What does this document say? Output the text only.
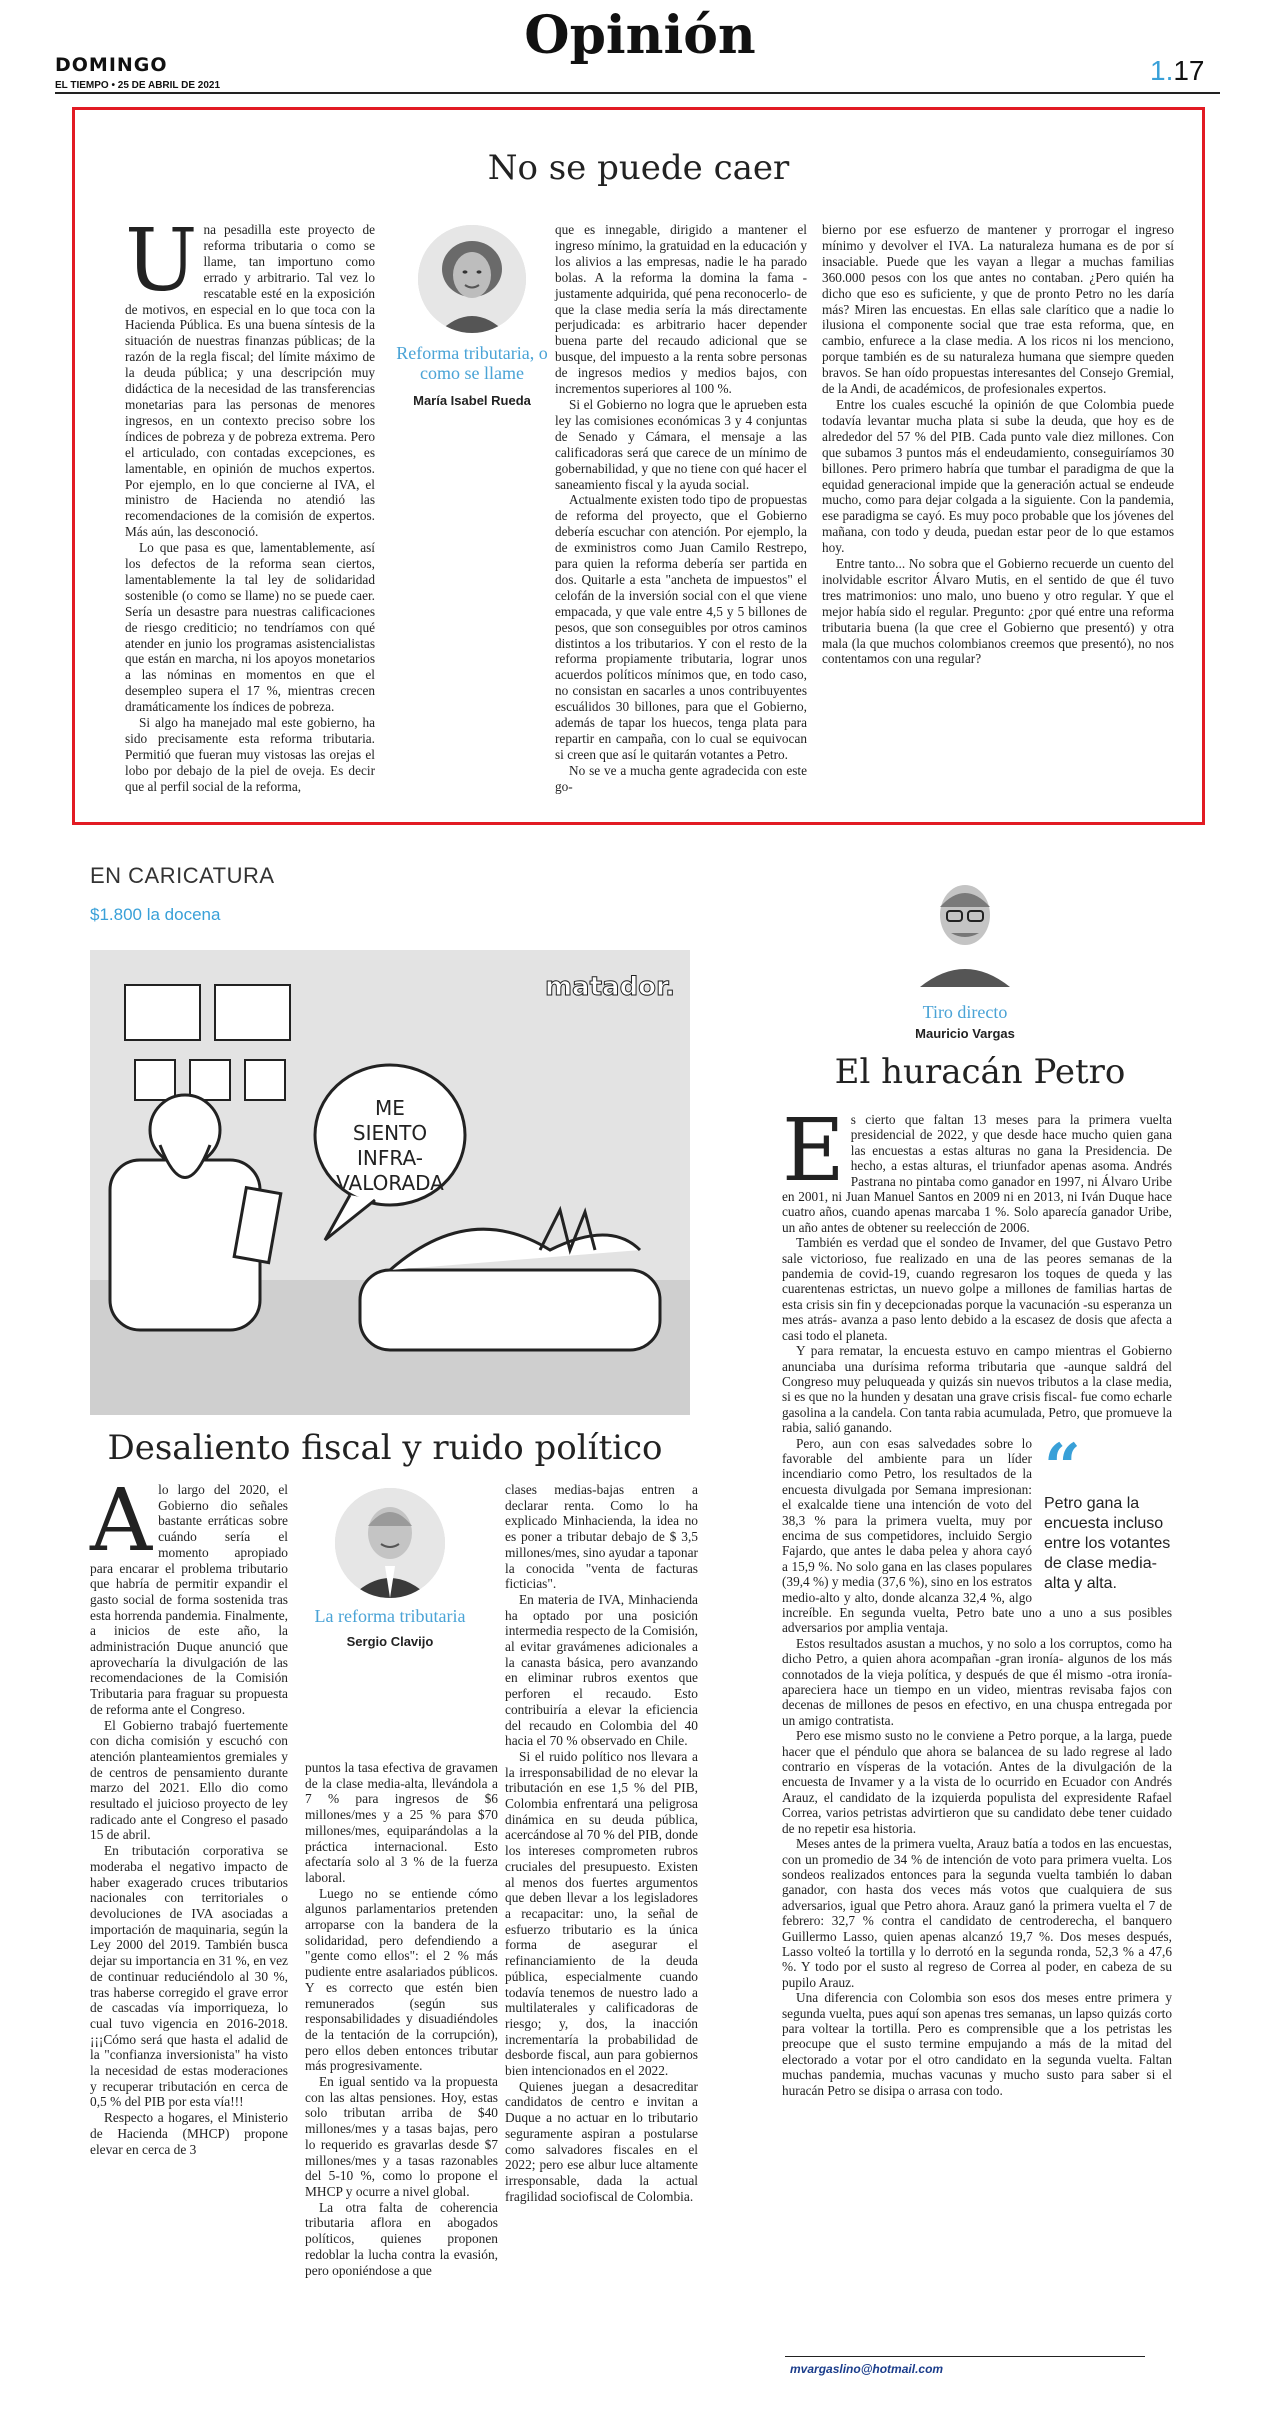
DOMINGO
EL TIEMPO • 25 DE ABRIL DE 2021
Opinión
1.17
No se puede caer
Reforma tributaria, o como se llame
María Isabel Rueda
U na pesadilla este proyecto de reforma tributaria o como se llame, tan importuno como errado y arbitrario. Tal vez lo rescatable esté en la exposición de motivos, en especial en lo que toca con la Hacienda Pública. Es una buena síntesis de la situación de nuestras finanzas públicas; de la razón de la regla fiscal; del límite máximo de la deuda pública; y una descripción muy didáctica de la necesidad de las transferencias monetarias para las personas de menores ingresos, en un contexto preciso sobre los índices de pobreza y de pobreza extrema. Pero el articulado, con contadas excepciones, es lamentable, en opinión de muchos expertos. Por ejemplo, en lo que concierne al IVA, el ministro de Hacienda no atendió las recomendaciones de la comisión de expertos. Más aún, las desconoció.

Lo que pasa es que, lamentablemente, así los defectos de la reforma sean ciertos, lamentablemente la tal ley de solidaridad sostenible (o como se llame) no se puede caer. Sería un desastre para nuestras calificaciones de riesgo crediticio; no tendríamos con qué atender en junio los programas asistencialistas que están en marcha, ni los apoyos monetarios a las nóminas en momentos en que el desempleo supera el 17 %, mientras crecen dramáticamente los índices de pobreza.

Si algo ha manejado mal este gobierno, ha sido precisamente esta reforma tributaria. Permitió que fueran muy vistosas las orejas el lobo por debajo de la piel de oveja. Es decir que al perfil social de la reforma,

que es innegable, dirigido a mantener el ingreso mínimo, la gratuidad en la educación y los alivios a las empresas, nadie le ha parado bolas. A la reforma la domina la fama -justamente adquirida, qué pena reconocerlo- de que la clase media sería la más directamente perjudicada: es arbitrario hacer depender buena parte del recaudo adicional que se busque, del impuesto a la renta sobre personas de ingresos medios y medios bajos, con incrementos superiores al 100 %.

Si el Gobierno no logra que le aprueben esta ley las comisiones económicas 3 y 4 conjuntas de Senado y Cámara, el mensaje a las calificadoras será que carece de un mínimo de gobernabilidad, y que no tiene con qué hacer el saneamiento fiscal y la ayuda social.

Actualmente existen todo tipo de propuestas de reforma del proyecto, que el Gobierno debería escuchar con atención. Por ejemplo, la de exministros como Juan Camilo Restrepo, para quien la reforma debería ser partida en dos. Quitarle a esta "ancheta de impuestos" el celofán de la inversión social con el que viene empacada, y que vale entre 4,5 y 5 billones de pesos, que son conseguibles por otros caminos distintos a los tributarios. Y con el resto de la reforma propiamente tributaria, lograr unos acuerdos políticos mínimos que, en todo caso, no consistan en sacarles a unos contribuyentes escuálidos 30 billones, para que el Gobierno, además de tapar los huecos, tenga plata para repartir en campaña, con lo cual se equivocan si creen que así le quitarán votantes a Petro.

No se ve a mucha gente agradecida con este go-

bierno por ese esfuerzo de mantener y prorrogar el ingreso mínimo y devolver el IVA. La naturaleza humana es de por sí insaciable. Puede que les vayan a llegar a muchas familias 360.000 pesos con los que antes no contaban. ¿Pero quién ha dicho que eso es suficiente, y que de pronto Petro no les daría más? Miren las encuestas. En ellas sale clarítico que a nadie lo ilusiona el componente social que trae esta reforma, que, en cambio, enfurece a la clase media. A los ricos ni los menciono, porque también es de su naturaleza humana que siempre queden bravos. Se han oído propuestas interesantes del Consejo Gremial, de la Andi, de académicos, de profesionales expertos.

Entre los cuales escuché la opinión de que Colombia puede todavía levantar mucha plata si sube la deuda, que hoy es de alrededor del 57 % del PIB. Cada punto vale diez millones. Con que subamos 3 puntos más el endeudamiento, conseguiríamos 30 billones. Pero primero habría que tumbar el paradigma de que la equidad generacional impide que la generación actual se endeude mucho, como para dejar colgada a la siguiente. Con la pandemia, ese paradigma se cayó. Es muy poco probable que los jóvenes del mañana, con todo y deuda, puedan estar peor de lo que estamos hoy.

Entre tanto... No sobra que el Gobierno recuerde un cuento del inolvidable escritor Álvaro Mutis, en el sentido de que él tuvo tres matrimonios: uno malo, uno bueno y otro regular. Y que el mejor había sido el regular. Pregunto: ¿por qué entre una reforma tributaria buena (la que cree el Gobierno que presentó) y otra mala (la que muchos colombianos creemos que presentó), no nos contentamos con una regular?

EN CARICATURA
$1.800 la docena
ME
SIENTO
INFRA-
VALORADA
matador.
Desaliento fiscal y ruido político
La reforma tributaria
Sergio Clavijo
A lo largo del 2020, el Gobierno dio señales bastante erráticas sobre cuándo sería el momento apropiado para encarar el problema tributario que habría de permitir expandir el gasto social de forma sostenida tras esta horrenda pandemia. Finalmente, a inicios de este año, la administración Duque anunció que aprovecharía la divulgación de las recomendaciones de la Comisión Tributaria para fraguar su propuesta de reforma ante el Congreso.

El Gobierno trabajó fuertemente con dicha comisión y escuchó con atención planteamientos gremiales y de centros de pensamiento durante marzo del 2021. Ello dio como resultado el juicioso proyecto de ley radicado ante el Congreso el pasado 15 de abril.

En tributación corporativa se moderaba el negativo impacto de haber exagerado cruces tributarios nacionales con territoriales o devoluciones de IVA asociadas a importación de maquinaria, según la Ley 2000 del 2019. También busca dejar su importancia en 31 %, en vez de continuar reduciéndolo al 30 %, tras haberse corregido el grave error de cascadas vía imporriqueza, lo cual tuvo vigencia en 2016-2018. ¡¡¡Cómo será que hasta el adalid de la "confianza inversionista" ha visto la necesidad de estas moderaciones y recuperar tributación en cerca de 0,5 % del PIB por esta vía!!!

Respecto a hogares, el Ministerio de Hacienda (MHCP) propone elevar en cerca de 3

puntos la tasa efectiva de gravamen de la clase media-alta, llevándola a 7 % para ingresos de $6 millones/mes y a 25 % para $70 millones/mes, equiparándolas a la práctica internacional. Esto afectaría solo al 3 % de la fuerza laboral.

Luego no se entiende cómo algunos parlamentarios pretenden arroparse con la bandera de la solidaridad, pero defendiendo a "gente como ellos": el 2 % más pudiente entre asalariados públicos. Y es correcto que estén bien remunerados (según sus responsabilidades y disuadiéndoles de la tentación de la corrupción), pero ellos deben entonces tributar más progresivamente.

En igual sentido va la propuesta con las altas pensiones. Hoy, estas solo tributan arriba de $40 millones/mes y a tasas bajas, pero lo requerido es gravarlas desde $7 millones/mes y a tasas razonables del 5-10 %, como lo propone el MHCP y ocurre a nivel global.

La otra falta de coherencia tributaria aflora en abogados políticos, quienes proponen redoblar la lucha contra la evasión, pero oponiéndose a que

clases medias-bajas entren a declarar renta. Como lo ha explicado Minhacienda, la idea no es poner a tributar debajo de $ 3,5 millones/mes, sino ayudar a taponar la conocida "venta de facturas ficticias".

En materia de IVA, Minhacienda ha optado por una posición intermedia respecto de la Comisión, al evitar gravámenes adicionales a la canasta básica, pero avanzando en eliminar rubros exentos que perforen el recaudo. Esto contribuiría a elevar la eficiencia del recaudo en Colombia del 40 hacia el 70 % observado en Chile.

Si el ruido político nos llevara a la irresponsabilidad de no elevar la tributación en ese 1,5 % del PIB, Colombia enfrentará una peligrosa dinámica en su deuda pública, acercándose al 70 % del PIB, donde los intereses comprometen rubros cruciales del presupuesto. Existen al menos dos fuertes argumentos que deben llevar a los legisladores a recapacitar: uno, la señal de esfuerzo tributario es la única forma de asegurar el refinanciamiento de la deuda pública, especialmente cuando todavía tenemos de nuestro lado a multilaterales y calificadoras de riesgo; y, dos, la inacción incrementaría la probabilidad de desborde fiscal, aun para gobiernos bien intencionados en el 2022.

Quienes juegan a desacreditar candidatos de centro e invitan a Duque a no actuar en lo tributario seguramente aspiran a postularse como salvadores fiscales en el 2022; pero ese albur luce altamente irresponsable, dada la actual fragilidad sociofiscal de Colombia.

Tiro directo
Mauricio Vargas
El huracán Petro
E s cierto que faltan 13 meses para la primera vuelta presidencial de 2022, y que desde hace mucho quien gana las encuestas a estas alturas no gana la Presidencia. De hecho, a estas alturas, el triunfador apenas asoma. Andrés Pastrana no pintaba como ganador en 1997, ni Álvaro Uribe en 2001, ni Juan Manuel Santos en 2009 ni en 2013, ni Iván Duque hace cuatro años, cuando apenas marcaba 1 %. Solo aparecía ganador Uribe, un año antes de obtener su reelección de 2006.

También es verdad que el sondeo de Invamer, del que Gustavo Petro sale victorioso, fue realizado en una de las peores semanas de la pandemia de covid-19, cuando regresaron los toques de queda y las cuarentenas estrictas, un nuevo golpe a millones de familias hartas de esta crisis sin fin y decepcionadas porque la vacunación -su esperanza un mes atrás- avanza a paso lento debido a la escasez de dosis que afecta a casi todo el planeta.

Y para rematar, la encuesta estuvo en campo mientras el Gobierno anunciaba una durísima reforma tributaria que -aunque saldrá del Congreso muy peluqueada y quizás sin nuevos tributos a la clase media, si es que no la hunden y desatan una grave crisis fiscal- fue como echarle gasolina a la candela. Con tanta rabia acumulada, Petro, que promueve la rabia, salió ganando.

“
Petro gana la encuesta incluso entre los votantes de clase media-alta y alta.

Pero, aun con esas salvedades sobre lo favorable del ambiente para un líder incendiario como Petro, los resultados de la encuesta divulgada por Semana impresionan: el exalcalde tiene una intención de voto del 38,3 % para la primera vuelta, muy por encima de sus competidores, incluido Sergio Fajardo, que antes le daba pelea y ahora cayó a 15,9 %. No solo gana en las clases populares (39,4 %) y media (37,6 %), sino en los estratos medio-alto y alto, donde alcanza 32,4 %, algo increíble. En segunda vuelta, Petro bate uno a uno a sus posibles adversarios por amplia ventaja.

Estos resultados asustan a muchos, y no solo a los corruptos, como ha dicho Petro, a quien ahora acompañan -gran ironía- algunos de los más connotados de la vieja política, y después de que él mismo -otra ironía- apareciera hace un tiempo en un video, mientras revisaba fajos con decenas de millones de pesos en efectivo, en una chuspa entregada por un amigo contratista.

Pero ese mismo susto no le conviene a Petro porque, a la larga, puede hacer que el péndulo que ahora se balancea de su lado regrese al lado contrario en vísperas de la votación. Antes de la divulgación de la encuesta de Invamer y a la vista de lo ocurrido en Ecuador con Andrés Arauz, el candidato de la izquierda populista del expresidente Rafael Correa, varios petristas advirtieron que su candidato debe tener cuidado de no repetir esa historia.

Meses antes de la primera vuelta, Arauz batía a todos en las encuestas, con un promedio de 34 % de intención de voto para primera vuelta. Los sondeos realizados entonces para la segunda vuelta también lo daban ganador, con hasta dos veces más votos que cualquiera de sus adversarios, igual que Petro ahora. Arauz ganó la primera vuelta el 7 de febrero: 32,7 % contra el candidato de centroderecha, el banquero Guillermo Lasso, quien apenas alcanzó 19,7 %. Dos meses después, Lasso volteó la tortilla y lo derrotó en la segunda ronda, 52,3 % a 47,6 %. Y todo por el susto al regreso de Correa al poder, en cabeza de su pupilo Arauz.

Una diferencia con Colombia son esos dos meses entre primera y segunda vuelta, pues aquí son apenas tres semanas, un lapso quizás corto para voltear la tortilla. Pero es comprensible que a los petristas les preocupe que el susto termine empujando a más de la mitad del electorado a votar por el otro candidato en la segunda vuelta. Faltan muchas pandemia, muchas vacunas y mucho susto para saber si el huracán Petro se disipa o arrasa con todo.

mvargaslino@hotmail.com
